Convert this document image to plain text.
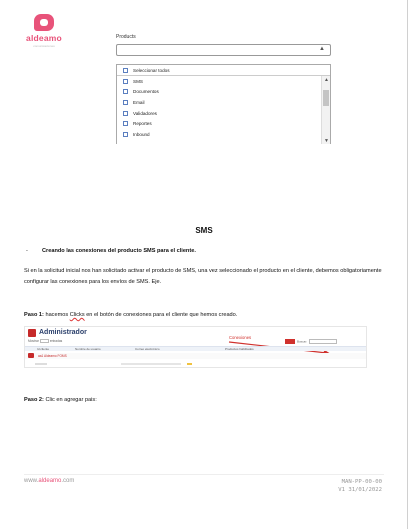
aldeamo
comunicaciones
Products
▲
Seleccionar todos
SMS
Documentos
Email
Validadores
Reportes
Inbound
▲
▼
SMS
-	Creando las conexiones del producto SMS para el cliente.
Si en la solicitud inicial nos han solicitado activar el producto de SMS, una vez seleccionado el producto en el cliente, debemos obligatoriamente configurar las conexiones para los envíos de SMS. Eje.
Paso 1: hacemos Clicks en el botón de conexiones para el cliente que hemos creado.
Administrador
Mostrar	entradas	Buscar:
Conexiones
Id cliente	Nombre de usuario	Correo electrónico	Productos habilitados
aa1 Aldeamo FOMS
Paso 2: Clic en agregar pais:
www.aldeamo.com	MAN-PP-00-00
V1 31/01/2022
